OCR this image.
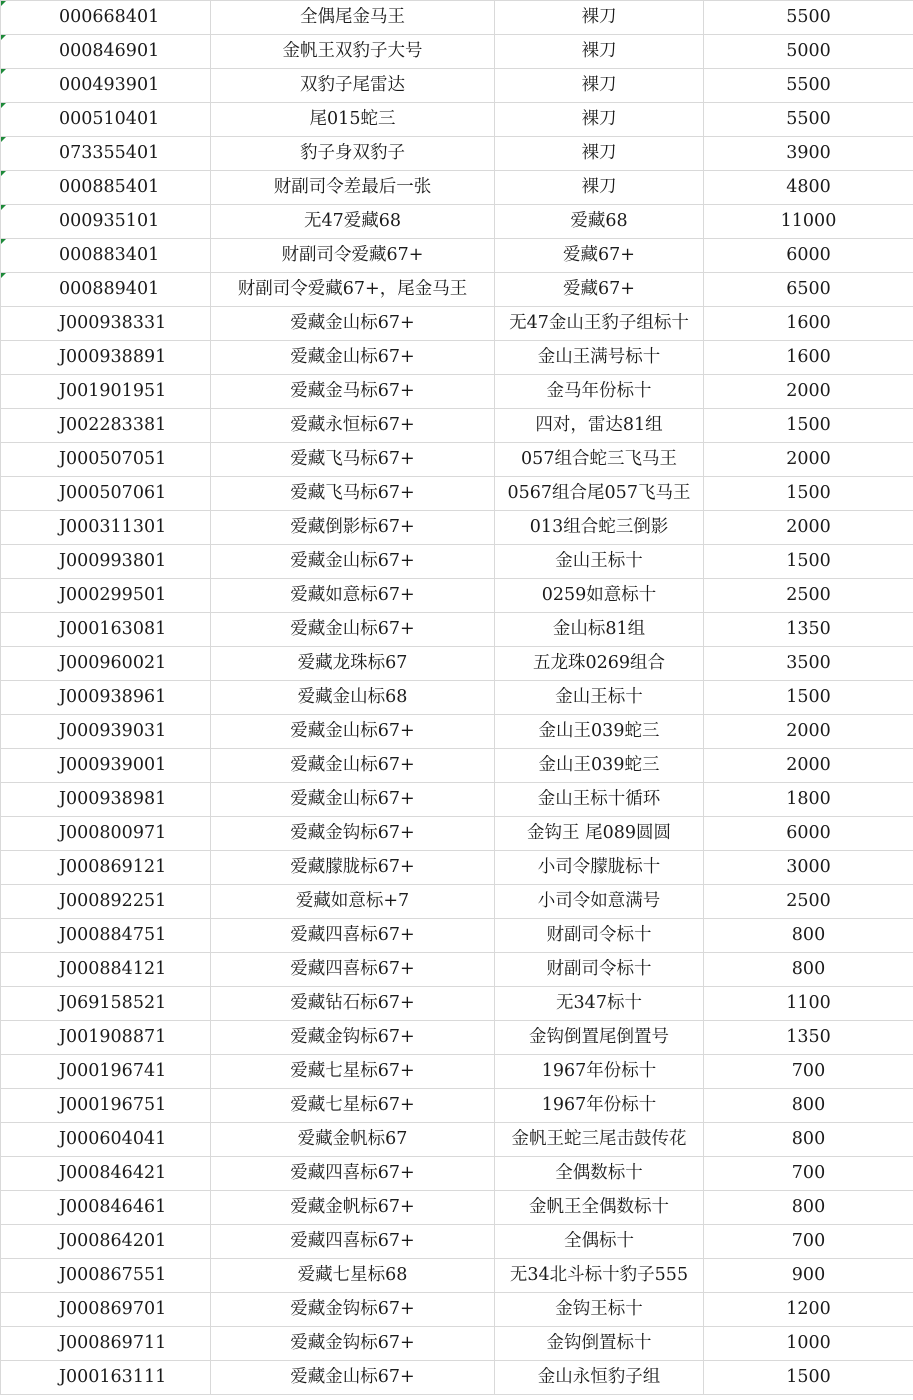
000668401	全偶尾金马王	裸刀	5500

000846901	金帆王双豹子大号	裸刀	5000

000493901	双豹子尾雷达	裸刀	5500

000510401	尾015蛇三	裸刀	5500

073355401	豹子身双豹子	裸刀	3900

000885401	财副司令差最后一张	裸刀	4800

000935101	无47爱藏68	爱藏68	11000

000883401	财副司令爱藏67+	爱藏67+	6000

000889401	财副司令爱藏67+，尾金马王	爱藏67+	6500
J000938331	爱藏金山标67+	无47金山王豹子组标十	1600
J000938891	爱藏金山标67+	金山王满号标十	1600
J001901951	爱藏金马标67+	金马年份标十	2000
J002283381	爱藏永恒标67+	四对，雷达81组	1500
J000507051	爱藏飞马标67+	057组合蛇三飞马王	2000
J000507061	爱藏飞马标67+	0567组合尾057飞马王	1500
J000311301	爱藏倒影标67+	013组合蛇三倒影	2000
J000993801	爱藏金山标67+	金山王标十	1500
J000299501	爱藏如意标67+	0259如意标十	2500
J000163081	爱藏金山标67+	金山标81组	1350
J000960021	爱藏龙珠标67	五龙珠0269组合	3500
J000938961	爱藏金山标68	金山王标十	1500
J000939031	爱藏金山标67+	金山王039蛇三	2000
J000939001	爱藏金山标67+	金山王039蛇三	2000
J000938981	爱藏金山标67+	金山王标十循环	1800
J000800971	爱藏金钩标67+	金钩王 尾089圆圆	6000
J000869121	爱藏朦胧标67+	小司令朦胧标十	3000
J000892251	爱藏如意标+7	小司令如意满号	2500
J000884751	爱藏四喜标67+	财副司令标十	800
J000884121	爱藏四喜标67+	财副司令标十	800
J069158521	爱藏钻石标67+	无347标十	1100
J001908871	爱藏金钩标67+	金钩倒置尾倒置号	1350
J000196741	爱藏七星标67+	1967年份标十	700
J000196751	爱藏七星标67+	1967年份标十	800
J000604041	爱藏金帆标67	金帆王蛇三尾击鼓传花	800
J000846421	爱藏四喜标67+	全偶数标十	700
J000846461	爱藏金帆标67+	金帆王全偶数标十	800
J000864201	爱藏四喜标67+	全偶标十	700
J000867551	爱藏七星标68	无34北斗标十豹子555	900
J000869701	爱藏金钩标67+	金钩王标十	1200
J000869711	爱藏金钩标67+	金钩倒置标十	1000
J000163111	爱藏金山标67+	金山永恒豹子组	1500
